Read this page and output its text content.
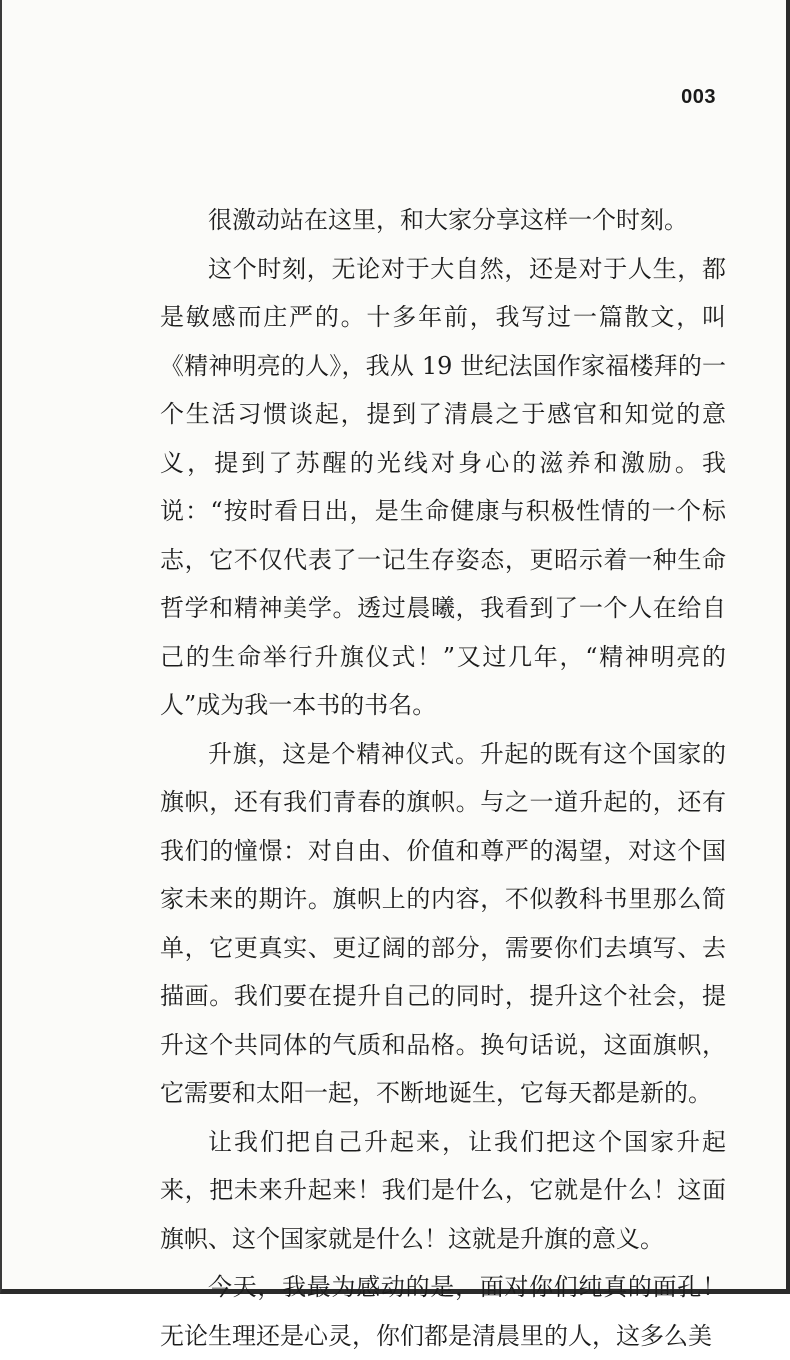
003

很激动站在这里，和大家分享这样一个时刻。

这个时刻，无论对于大自然，还是对于人生，都是敏感而庄严的。十多年前，我写过一篇散文，叫《精神明亮的人》，我从 19 世纪法国作家福楼拜的一个生活习惯谈起，提到了清晨之于感官和知觉的意义，提到了苏醒的光线对身心的滋养和激励。我说：“按时看日出，是生命健康与积极性情的一个标志，它不仅代表了一记生存姿态，更昭示着一种生命哲学和精神美学。透过晨曦，我看到了一个人在给自己的生命举行升旗仪式！”又过几年，“精神明亮的人”成为我一本书的书名。

升旗，这是个精神仪式。升起的既有这个国家的旗帜，还有我们青春的旗帜。与之一道升起的，还有我们的憧憬：对自由、价值和尊严的渴望，对这个国家未来的期许。旗帜上的内容，不似教科书里那么简单，它更真实、更辽阔的部分，需要你们去填写、去描画。我们要在提升自己的同时，提升这个社会，提升这个共同体的气质和品格。换句话说，这面旗帜，它需要和太阳一起，不断地诞生，它每天都是新的。

让我们把自己升起来，让我们把这个国家升起来，把未来升起来！我们是什么，它就是什么！这面旗帜、这个国家就是什么！这就是升旗的意义。

今天，我最为感动的是，面对你们纯真的面孔！无论生理还是心灵，你们都是清晨里的人，这多么美
